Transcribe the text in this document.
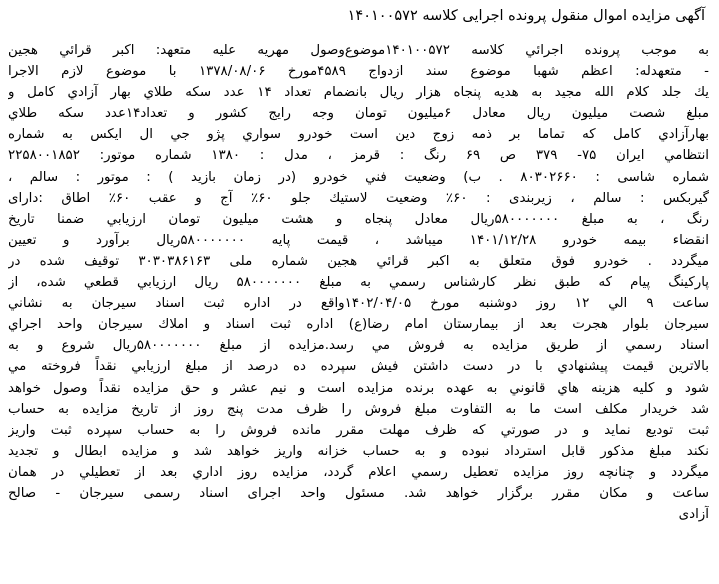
آگهی مزایده اموال منقول پرونده اجرایی کلاسه ۱۴۰۱۰۰۵۷۲
به موجب پرونده اجرائي كلاسه ۱۴۰۱۰۰۵۷۲موضوع‌وصول مهريه عليه متعهد: اكبر قرائي هجين
- متعهدله: اعظم شهبا موضوع سند ازدواج ۴۵۸۹مورخ ۱۳۷۸/۰۸/۰۶ با موضوع لازم الاجرا
يك جلد كلام الله مجيد به هديه پنجاه هزار ريال بانضمام تعداد ۱۴ عدد سكه طلاي بهار آزادي كامل و
مبلغ شصت ميليون ريال معادل ۶ميليون تومان وجه رايج كشور و تعداد۱۴عدد سكه طلاي
بهارآزادي كامل كه تماما بر ذمه زوج دين است خودرو سواري پژو جي ال ايكس به شماره
انتظامي ايران ۷۵- ۳۷۹ ص ۶۹ رنگ : قرمز ، مدل : ۱۳۸۰ شماره موتور: ۲۲۵۸۰۰۱۸۵۲
شماره شاسی : ۸۰۳۰۲۶۶۰ . ب) وضعيت فني خودرو (در زمان بازيد ) : موتور : سالم ،
گيربكس : سالم ، زيربندی : ۶۰٪ وضعيت لاستيك جلو ۶۰٪ آج و عقب ۶۰٪ اطاق :دارای
رنگ ، به مبلغ ۵۸۰۰۰۰۰۰۰ريال معادل پنجاه و هشت ميليون تومان ارزيابي ضمنا تاريخ
انقضاء بيمه خودرو ۱۴۰۱/۱۲/۲۸ ميباشد ، قيمت پايه ۵۸۰۰۰۰۰۰۰ريال برآورد و تعيين
ميگردد . خودرو فوق متعلق به اكبر قرائي هجين شماره ملی ۳۰۳۰۳۸۶۱۶۳ توقيف شده در
پاركينگ پيام كه طبق نظر كارشناس رسمي به مبلغ ۵۸۰۰۰۰۰۰۰ ريال ارزيابي قطعي شده، از
ساعت ۹ الي ۱۲ روز دوشنبه مورخ ۱۴۰۲/۰۴/۰۵واقع در اداره ثبت اسناد سيرجان به نشاني
سيرجان بلوار هجرت بعد از بيمارستان امام رضا(ع) اداره ثبت اسناد و املاك سيرجان واحد اجراي
اسناد رسمي از طريق مزايده به فروش مي رسد.مزايده از مبلغ ۵۸۰۰۰۰۰۰۰ريال شروع و به
بالاترين قيمت پيشنهادي با در دست داشتن فيش سپرده ده درصد از مبلغ ارزيابي نقداً فروخته مي
شود و كليه هزينه هاي قانوني به عهده برنده مزايده است و نيم عشر و حق مزايده نقداً وصول خواهد
شد خريدار مكلف است ما به التفاوت مبلغ فروش را ظرف مدت پنج روز از تاريخ مزايده به حساب
ثبت توديع نمايد و در صورتي كه ظرف مهلت مقرر مانده فروش را به حساب سپرده ثبت واريز
نكند مبلغ مذكور قابل استرداد نبوده و به حساب خزانه واريز خواهد شد و مزايده ابطال و تجديد
ميگردد و چنانچه روز مزايده تعطيل رسمي اعلام گردد، مزايده روز اداري بعد از تعطيلي در همان
ساعت و مكان مقرر برگزار خواهد شد. مسئول واحد اجرای اسناد رسمی سيرجان - صالح
آزادی
